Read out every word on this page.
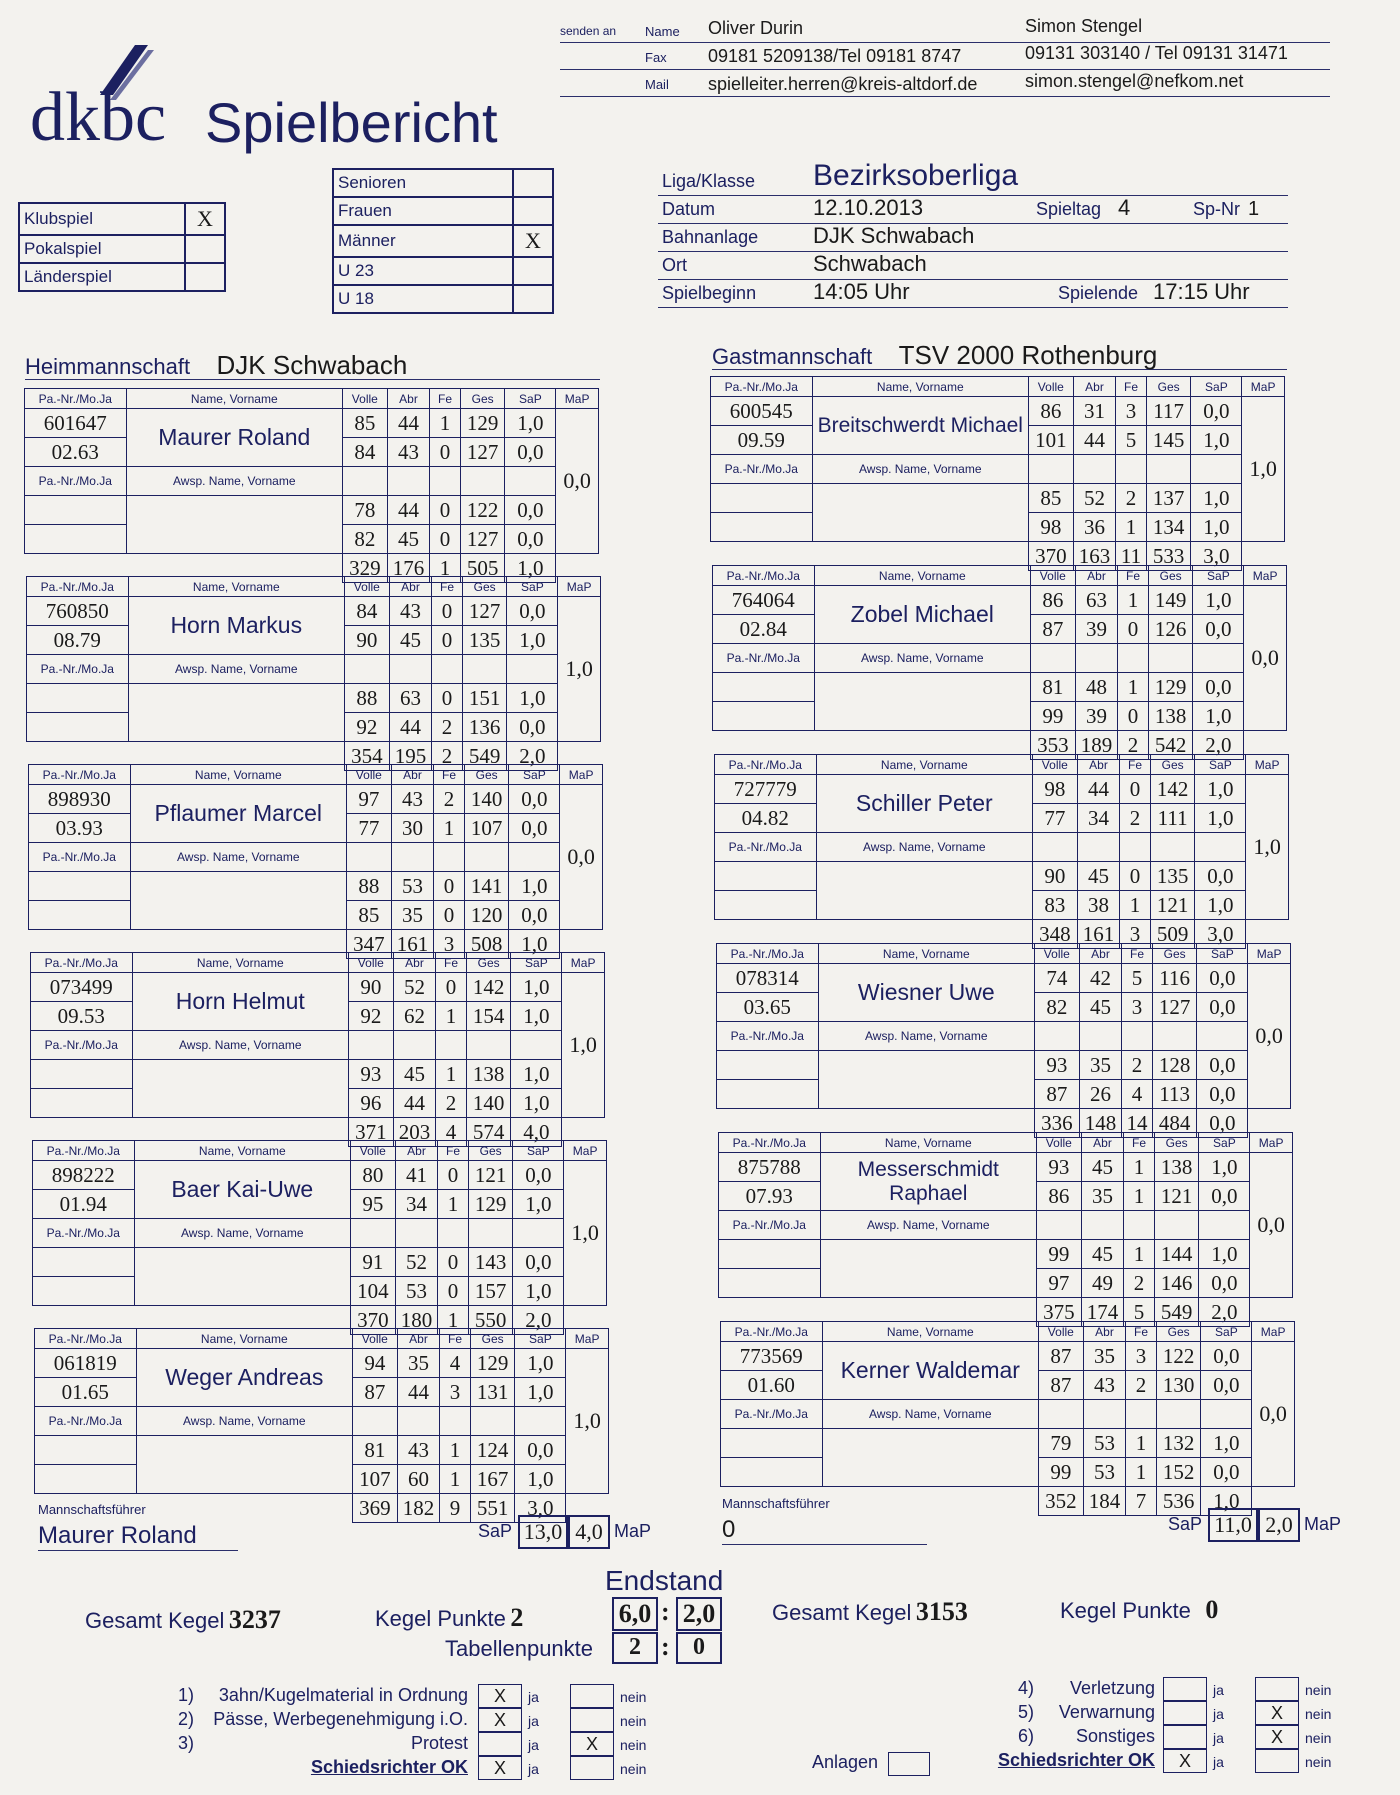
senden an Name
Fax
Mail
Oliver Durin
09181 5209138/Tel 09181 8747
spielleiter.herren@kreis-altdorf.de
Simon Stengel
09131 303140 / Tel 09131 31471
simon.stengel@nefkom.net
dkbc Spielbericht
Klubspiel	X
Pokalspiel	
Länderspiel	
Senioren	
Frauen	
Männer	X
U 23	
U 18	
Liga/Klasse Bezirksoberliga
Datum	12.10.2013	Spieltag 4	Sp-Nr 1
Bahnanlage DJK Schwabach
Ort	Schwabach
Spielbeginn	14:05 Uhr	Spielende 17:15 Uhr
Heimmannschaft DJK Schwabach	Gastmannschaft TSV 2000 Rothenburg
Pa.-Nr./Mo.Ja	Name, Vorname	Volle	Abr	Fe	Ges	SaP	MaP
601647	Maurer Roland	85	44	1	129	1,0	0,0
02.63		84	43	0	127	0,0	
Pa.-Nr./Mo.Ja	Awsp. Name, Vorname						
		78	44	0	122	0,0	
		82	45	0	127	0,0	
		329	176	1	505	1,0	
Pa.-Nr./Mo.Ja	Name, Vorname	Volle	Abr	Fe	Ges	SaP	MaP
760850	Horn Markus	84	43	0	127	0,0	1,0
08.79		90	45	0	135	1,0	
Pa.-Nr./Mo.Ja	Awsp. Name, Vorname						
		88	63	0	151	1,0	
		92	44	2	136	0,0	
		354	195	2	549	2,0	
Pa.-Nr./Mo.Ja	Name, Vorname	Volle	Abr	Fe	Ges	SaP	MaP
898930	Pflaumer Marcel	97	43	2	140	0,0	0,0
03.93		77	30	1	107	0,0	
Pa.-Nr./Mo.Ja	Awsp. Name, Vorname						
		88	53	0	141	1,0	
		85	35	0	120	0,0	
		347	161	3	508	1,0	
Pa.-Nr./Mo.Ja	Name, Vorname	Volle	Abr	Fe	Ges	SaP	MaP
073499	Horn Helmut	90	52	0	142	1,0	1,0
09.53		92	62	1	154	1,0	
Pa.-Nr./Mo.Ja	Awsp. Name, Vorname						
		93	45	1	138	1,0	
		96	44	2	140	1,0	
		371	203	4	574	4,0	
Pa.-Nr./Mo.Ja	Name, Vorname	Volle	Abr	Fe	Ges	SaP	MaP
898222	Baer Kai-Uwe	80	41	0	121	0,0	1,0
01.94		95	34	1	129	1,0	
Pa.-Nr./Mo.Ja	Awsp. Name, Vorname						
		91	52	0	143	0,0	
		104	53	0	157	1,0	
		370	180	1	550	2,0	
Pa.-Nr./Mo.Ja	Name, Vorname	Volle	Abr	Fe	Ges	SaP	MaP
061819	Weger Andreas	94	35	4	129	1,0	1,0
01.65		87	44	3	131	1,0	
Pa.-Nr./Mo.Ja	Awsp. Name, Vorname						
		81	43	1	124	0,0	
		107	60	1	167	1,0	
		369	182	9	551	3,0	
Pa.-Nr./Mo.Ja	Name, Vorname	Volle	Abr	Fe	Ges	SaP	MaP
600545	Breitschwerdt Michael	86	31	3	117	0,0	1,0
09.59		101	44	5	145	1,0	
Pa.-Nr./Mo.Ja	Awsp. Name, Vorname						
		85	52	2	137	1,0	
		98	36	1	134	1,0	
		370	163	11	533	3,0	
Pa.-Nr./Mo.Ja	Name, Vorname	Volle	Abr	Fe	Ges	SaP	MaP
764064	Zobel Michael	86	63	1	149	1,0	0,0
02.84		87	39	0	126	0,0	
Pa.-Nr./Mo.Ja	Awsp. Name, Vorname						
		81	48	1	129	0,0	
		99	39	0	138	1,0	
		353	189	2	542	2,0	
Pa.-Nr./Mo.Ja	Name, Vorname	Volle	Abr	Fe	Ges	SaP	MaP
727779	Schiller Peter	98	44	0	142	1,0	1,0
04.82		77	34	2	111	1,0	
Pa.-Nr./Mo.Ja	Awsp. Name, Vorname						
		90	45	0	135	0,0	
		83	38	1	121	1,0	
		348	161	3	509	3,0	
Pa.-Nr./Mo.Ja	Name, Vorname	Volle	Abr	Fe	Ges	SaP	MaP
078314	Wiesner Uwe	74	42	5	116	0,0	0,0
03.65		82	45	3	127	0,0	
Pa.-Nr./Mo.Ja	Awsp. Name, Vorname						
		93	35	2	128	0,0	
		87	26	4	113	0,0	
		336	148	14	484	0,0	
Pa.-Nr./Mo.Ja	Name, Vorname	Volle	Abr	Fe	Ges	SaP	MaP
875788	Messerschmidt Raphael	93	45	1	138	1,0	0,0
07.93		86	35	1	121	0,0	
Pa.-Nr./Mo.Ja	Awsp. Name, Vorname						
		99	45	1	144	1,0	
		97	49	2	146	0,0	
		375	174	5	549	2,0	
Pa.-Nr./Mo.Ja	Name, Vorname	Volle	Abr	Fe	Ges	SaP	MaP
773569	Kerner Waldemar	87	35	3	122	0,0	0,0
01.60		87	43	2	130	0,0	
Pa.-Nr./Mo.Ja	Awsp. Name, Vorname						
		79	53	1	132	1,0	
		99	53	1	152	0,0	
		352	184	7	536	1,0	
Mannschaftsführer
Maurer Roland	SaP 13,0 4,0 MaP
Mannschaftsführer
0	SaP 11,0 2,0 MaP
Endstand
Gesamt Kegel 3237	Kegel Punkte 2	6,0 : 2,0
Tabellenpunkte	2 : 0
Gesamt Kegel 3153	Kegel Punkte 0
1) 3ahn/Kugelmaterial in Ordnung	X	ja	nein
2) Pässe, Werbegenehmigung i.O.	X	ja	nein
3)	Protest	ja	X	nein
Schiedsrichter OK	X	ja	nein
4) Verletzung	ja	nein
5) Verwarnung	ja	X	nein
6) Sonstiges	ja	X	nein
Schiedsrichter OK	X	ja	nein
Anlagen
